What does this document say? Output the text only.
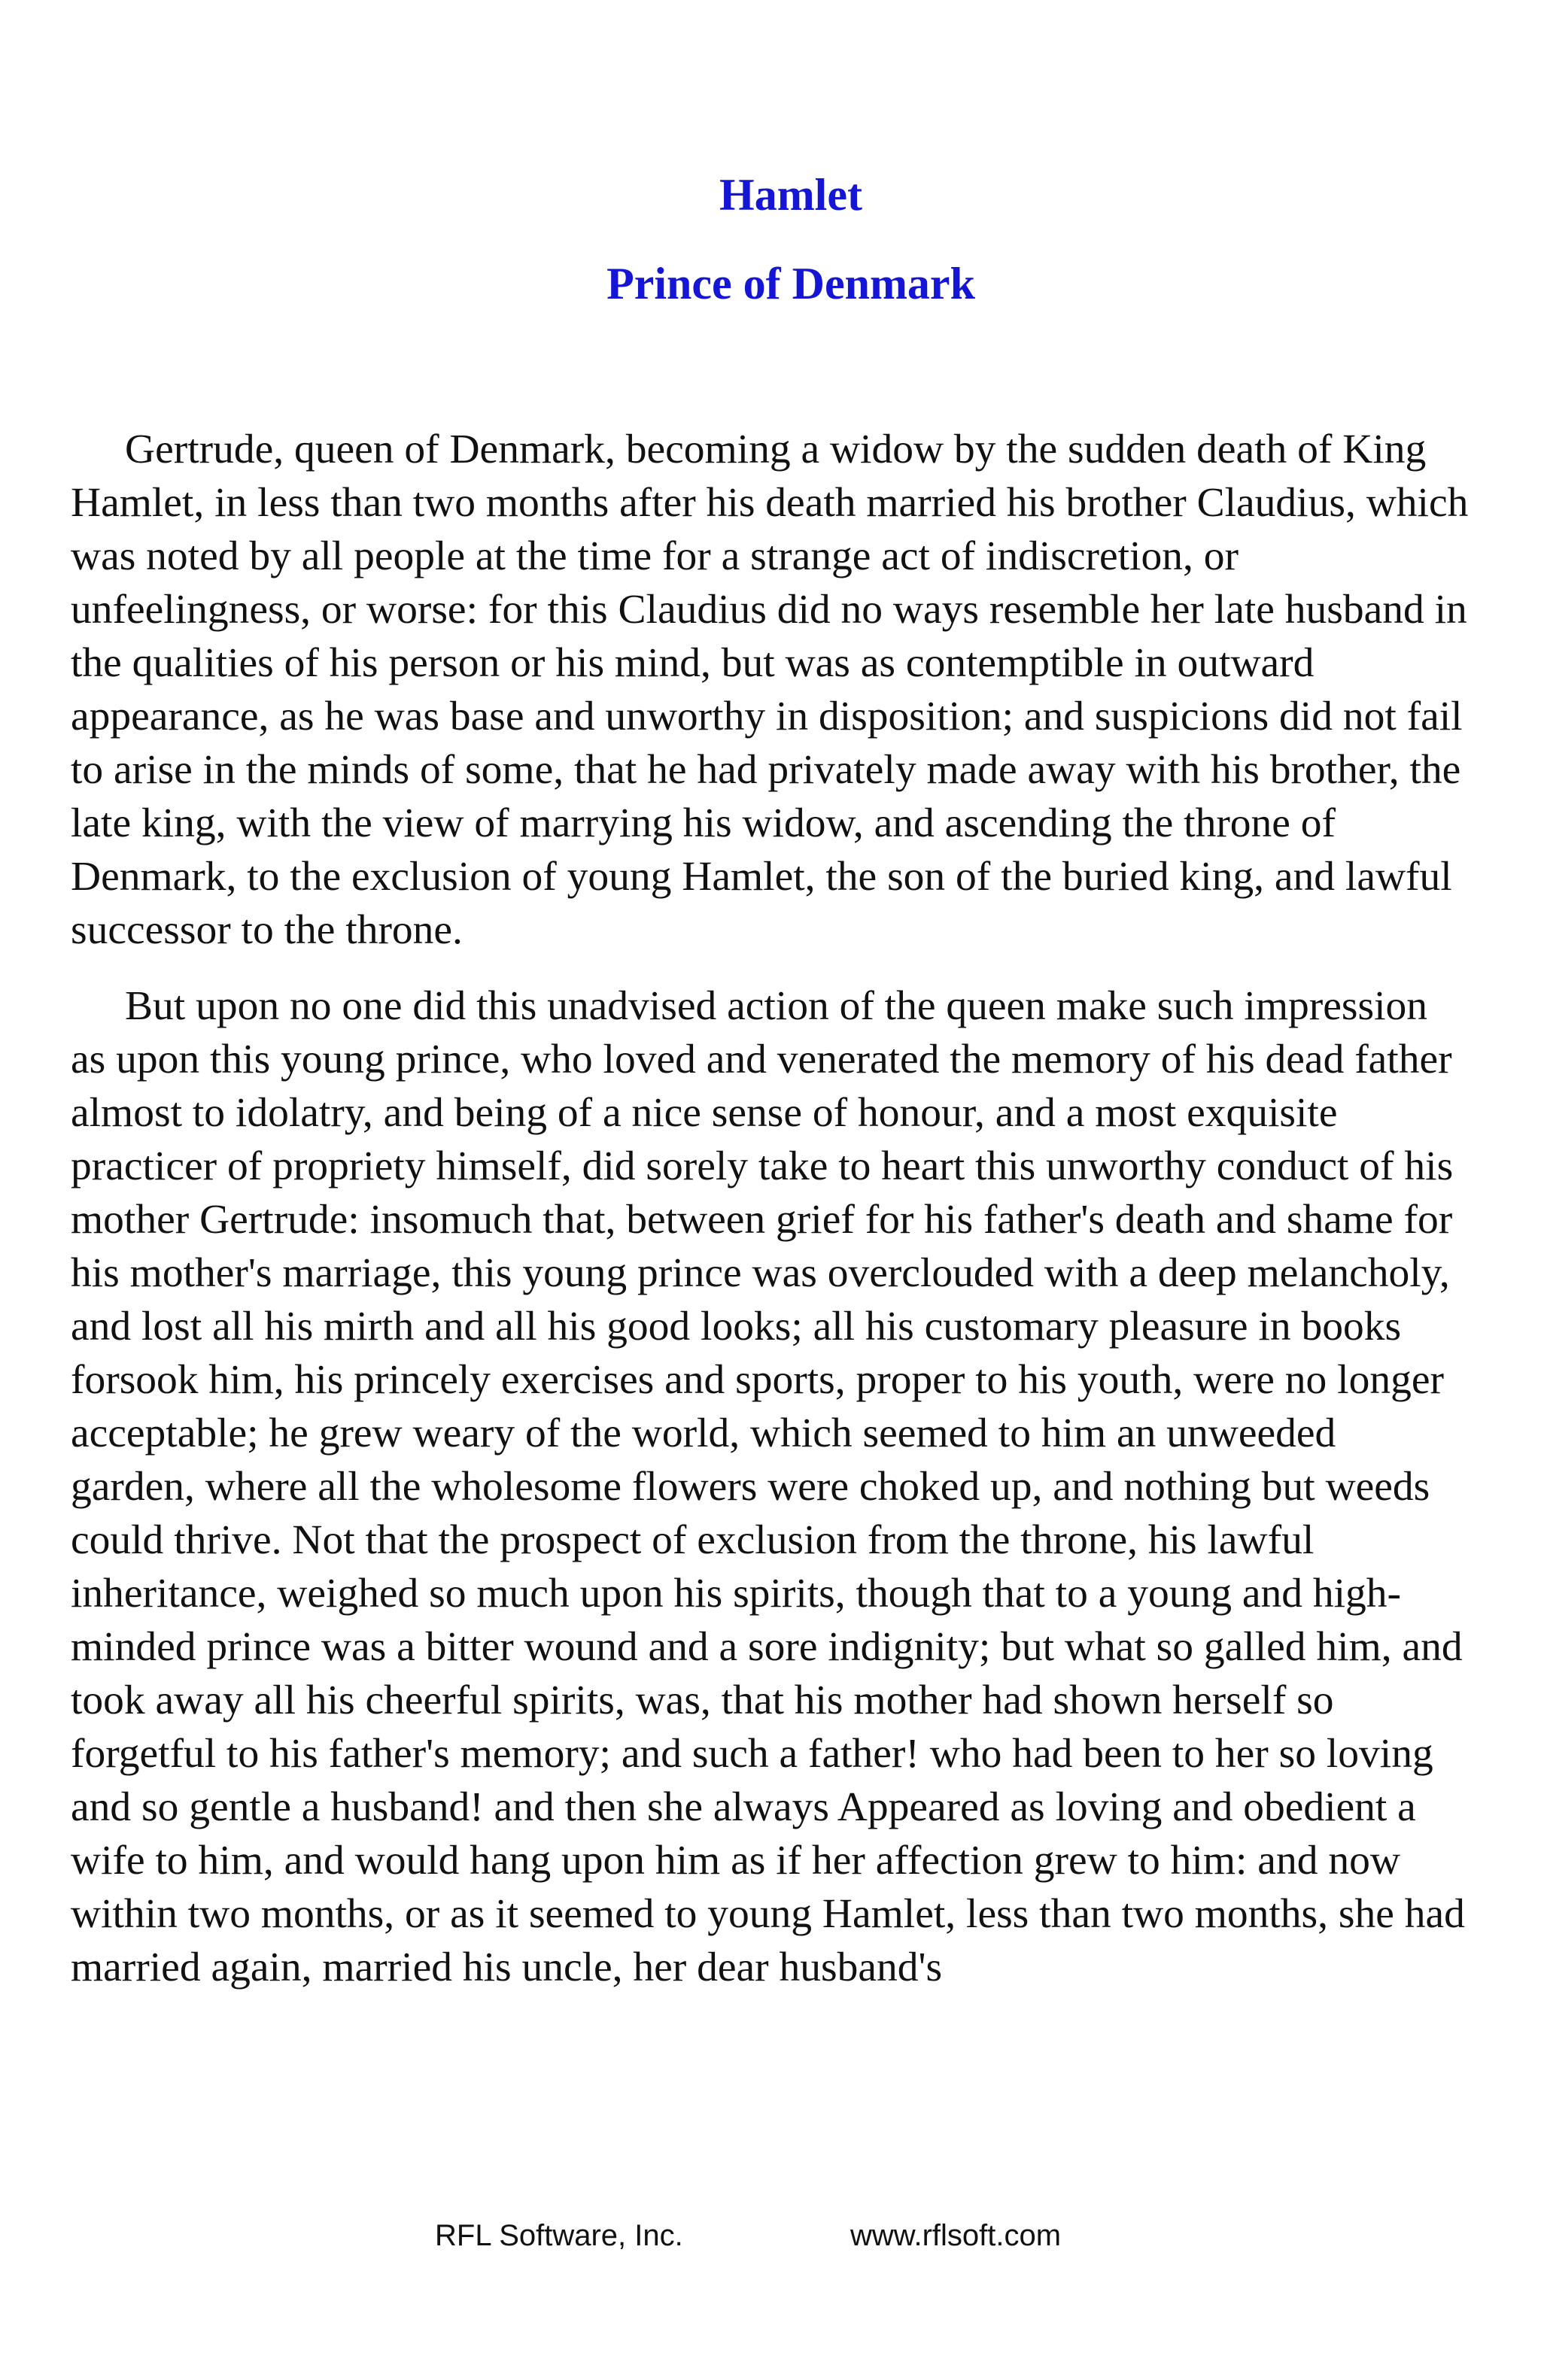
Hamlet
Prince of Denmark

Gertrude, queen of Denmark, becoming a widow by the sudden death of King Hamlet, in less than two months after his death married his brother Claudius, which was noted by all people at the time for a strange act of indiscretion, or unfeelingness, or worse: for this Claudius did no ways resemble her late husband in the qualities of his person or his mind, but was as contemptible in outward appearance, as he was base and unworthy in disposition; and suspicions did not fail to arise in the minds of some, that he had privately made away with his brother, the late king, with the view of marrying his widow, and ascending the throne of Denmark, to the exclusion of young Hamlet, the son of the buried king, and lawful successor to the throne.

But upon no one did this unadvised action of the queen make such impression as upon this young prince, who loved and venerated the memory of his dead father almost to idolatry, and being of a nice sense of honour, and a most exquisite practicer of propriety himself, did sorely take to heart this unworthy conduct of his mother Gertrude: insomuch that, between grief for his father's death and shame for his mother's marriage, this young prince was overclouded with a deep melancholy, and lost all his mirth and all his good looks; all his customary pleasure in books forsook him, his princely exercises and sports, proper to his youth, were no longer acceptable; he grew weary of the world, which seemed to him an unweeded garden, where all the wholesome flowers were choked up, and nothing but weeds could thrive. Not that the prospect of exclusion from the throne, his lawful inheritance, weighed so much upon his spirits, though that to a young and high-minded prince was a bitter wound and a sore indignity; but what so galled him, and took away all his cheerful spirits, was, that his mother had shown herself so forgetful to his father's memory; and such a father! who had been to her so loving and so gentle a husband! and then she always Appeared as loving and obedient a wife to him, and would hang upon him as if her affection grew to him: and now within two months, or as it seemed to young Hamlet, less than two months, she had married again, married his uncle, her dear husband's

RFL Software, Inc.	www.rflsoft.com
